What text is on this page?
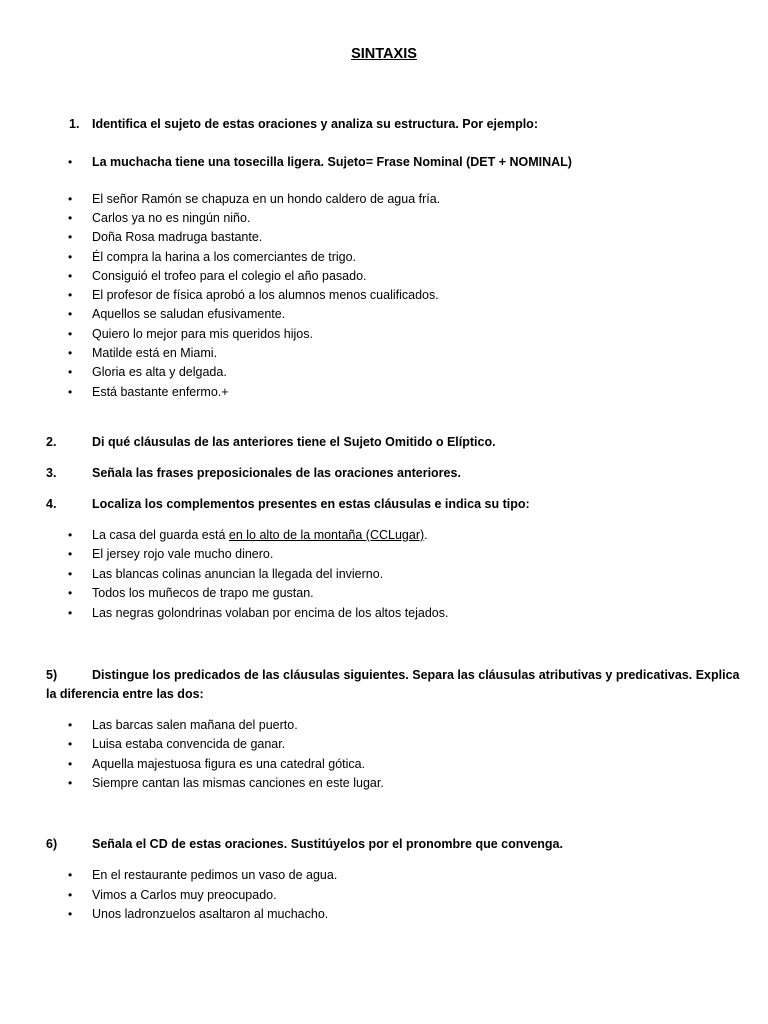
SINTAXIS
1. Identifica el sujeto de estas oraciones y analiza su estructura. Por ejemplo:
• La muchacha tiene una tosecilla ligera. Sujeto= Frase Nominal (DET + NOMINAL)
• El señor Ramón se chapuza en un hondo caldero de agua fría.
• Carlos ya no es ningún niño.
• Doña Rosa madruga bastante.
• Él compra la harina a los comerciantes de trigo.
• Consiguió el trofeo para el colegio el año pasado.
• El profesor de física aprobó a los alumnos menos cualificados.
• Aquellos se saludan efusivamente.
• Quiero lo mejor para mis queridos hijos.
• Matilde está en Miami.
• Gloria es alta y delgada.
• Está bastante enfermo.+
2.	Di qué cláusulas de las anteriores tiene el Sujeto Omitido o Elíptico.
3.	Señala las frases preposicionales de las oraciones anteriores.
4.	Localiza los complementos presentes en estas cláusulas e indica su tipo:
• La casa del guarda está en lo alto de la montaña (CCLugar).
• El jersey rojo vale mucho dinero.
• Las blancas colinas anuncian la llegada del invierno.
• Todos los muñecos de trapo me gustan.
• Las negras golondrinas volaban por encima de los altos tejados.
5)	Distingue los predicados de las cláusulas siguientes. Separa las cláusulas atributivas y predicativas. Explica
la diferencia entre las dos:
• Las barcas salen mañana del puerto.
• Luisa estaba convencida de ganar.
• Aquella majestuosa figura es una catedral gótica.
• Siempre cantan las mismas canciones en este lugar.
6)	Señala el CD de estas oraciones. Sustitúyelos por el pronombre que convenga.
• En el restaurante pedimos un vaso de agua.
• Vimos a Carlos muy preocupado.
• Unos ladronzuelos asaltaron al muchacho.
